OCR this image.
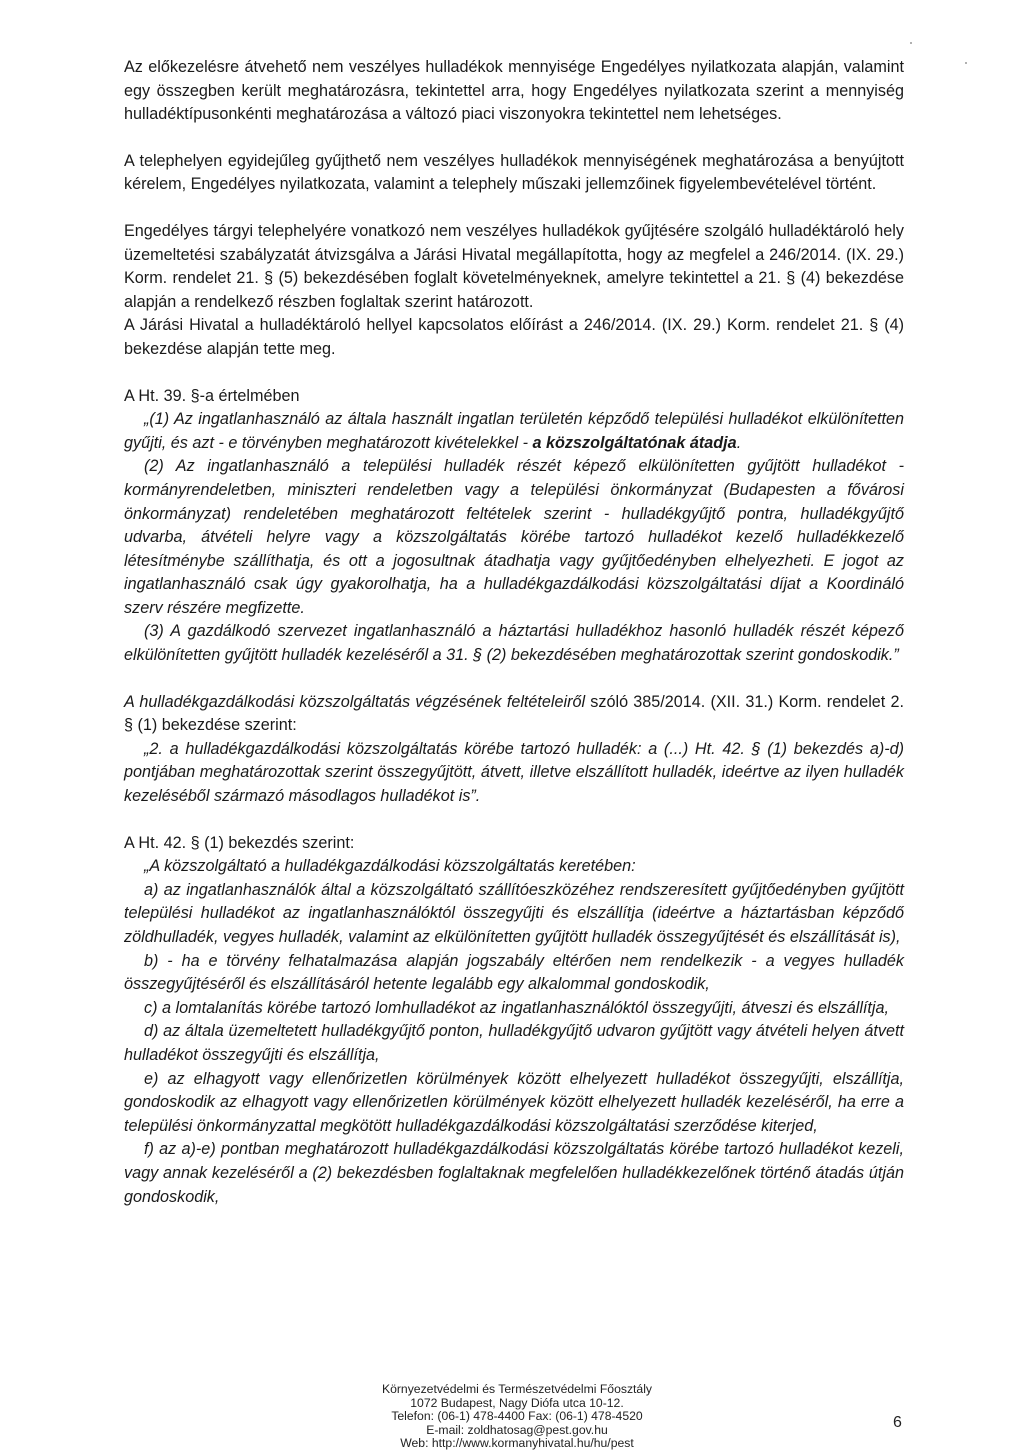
Az előkezelésre átvehető nem veszélyes hulladékok mennyisége Engedélyes nyilatkozata alapján, valamint egy összegben került meghatározásra, tekintettel arra, hogy Engedélyes nyilatkozata szerint a mennyiség hulladéktípusonkénti meghatározása a változó piaci viszonyokra tekintettel nem lehetséges.

A telephelyen egyidejűleg gyűjthető nem veszélyes hulladékok mennyiségének meghatározása a benyújtott kérelem, Engedélyes nyilatkozata, valamint a telephely műszaki jellemzőinek figyelembevételével történt.

Engedélyes tárgyi telephelyére vonatkozó nem veszélyes hulladékok gyűjtésére szolgáló hulladéktároló hely üzemeltetési szabályzatát átvizsgálva a Járási Hivatal megállapította, hogy az megfelel a 246/2014. (IX. 29.) Korm. rendelet 21. § (5) bekezdésében foglalt követelményeknek, amelyre tekintettel a 21. § (4) bekezdése alapján a rendelkező részben foglaltak szerint határozott.

A Járási Hivatal a hulladéktároló hellyel kapcsolatos előírást a 246/2014. (IX. 29.) Korm. rendelet 21. § (4) bekezdése alapján tette meg.

A Ht. 39. §-a értelmében

„(1) Az ingatlanhasználó az általa használt ingatlan területén képződő települési hulladékot elkülönítetten gyűjti, és azt - e törvényben meghatározott kivételekkel - a közszolgáltatónak átadja.

(2) Az ingatlanhasználó a települési hulladék részét képező elkülönítetten gyűjtött hulladékot - kormányrendeletben, miniszteri rendeletben vagy a települési önkormányzat (Budapesten a fővárosi önkormányzat) rendeletében meghatározott feltételek szerint - hulladékgyűjtő pontra, hulladékgyűjtő udvarba, átvételi helyre vagy a közszolgáltatás körébe tartozó hulladékot kezelő hulladékkezelő létesítménybe szállíthatja, és ott a jogosultnak átadhatja vagy gyűjtőedényben elhelyezheti. E jogot az ingatlanhasználó csak úgy gyakorolhatja, ha a hulladékgazdálkodási közszolgáltatási díjat a Koordináló szerv részére megfizette.

(3) A gazdálkodó szervezet ingatlanhasználó a háztartási hulladékhoz hasonló hulladék részét képező elkülönítetten gyűjtött hulladék kezeléséről a 31. § (2) bekezdésében meghatározottak szerint gondoskodik.”

A hulladékgazdálkodási közszolgáltatás végzésének feltételeiről szóló 385/2014. (XII. 31.) Korm. rendelet 2. § (1) bekezdése szerint:

„2. a hulladékgazdálkodási közszolgáltatás körébe tartozó hulladék: a (...) Ht. 42. § (1) bekezdés a)-d) pontjában meghatározottak szerint összegyűjtött, átvett, illetve elszállított hulladék, ideértve az ilyen hulladék kezeléséből származó másodlagos hulladékot is”.

A Ht. 42. § (1) bekezdés szerint:

„A közszolgáltató a hulladékgazdálkodási közszolgáltatás keretében:

a) az ingatlanhasználók által a közszolgáltató szállítóeszközéhez rendszeresített gyűjtőedényben gyűjtött települési hulladékot az ingatlanhasználóktól összegyűjti és elszállítja (ideértve a háztartásban képződő zöldhulladék, vegyes hulladék, valamint az elkülönítetten gyűjtött hulladék összegyűjtését és elszállítását is),

b) - ha e törvény felhatalmazása alapján jogszabály eltérően nem rendelkezik - a vegyes hulladék összegyűjtéséről és elszállításáról hetente legalább egy alkalommal gondoskodik,

c) a lomtalanítás körébe tartozó lomhulladékot az ingatlanhasználóktól összegyűjti, átveszi és elszállítja,

d) az általa üzemeltetett hulladékgyűjtő ponton, hulladékgyűjtő udvaron gyűjtött vagy átvételi helyen átvett hulladékot összegyűjti és elszállítja,

e) az elhagyott vagy ellenőrizetlen körülmények között elhelyezett hulladékot összegyűjti, elszállítja, gondoskodik az elhagyott vagy ellenőrizetlen körülmények között elhelyezett hulladék kezeléséről, ha erre a települési önkormányzattal megkötött hulladékgazdálkodási közszolgáltatási szerződése kiterjed,

f) az a)-e) pontban meghatározott hulladékgazdálkodási közszolgáltatás körébe tartozó hulladékot kezeli, vagy annak kezeléséről a (2) bekezdésben foglaltaknak megfelelően hulladékkezelőnek történő átadás útján gondoskodik,

Környezetvédelmi és Természetvédelmi Főosztály
1072 Budapest, Nagy Diófa utca 10-12.
Telefon: (06-1) 478-4400 Fax: (06-1) 478-4520
E-mail: zoldhatosag@pest.gov.hu
Web: http://www.kormanyhivatal.hu/hu/pest
6
